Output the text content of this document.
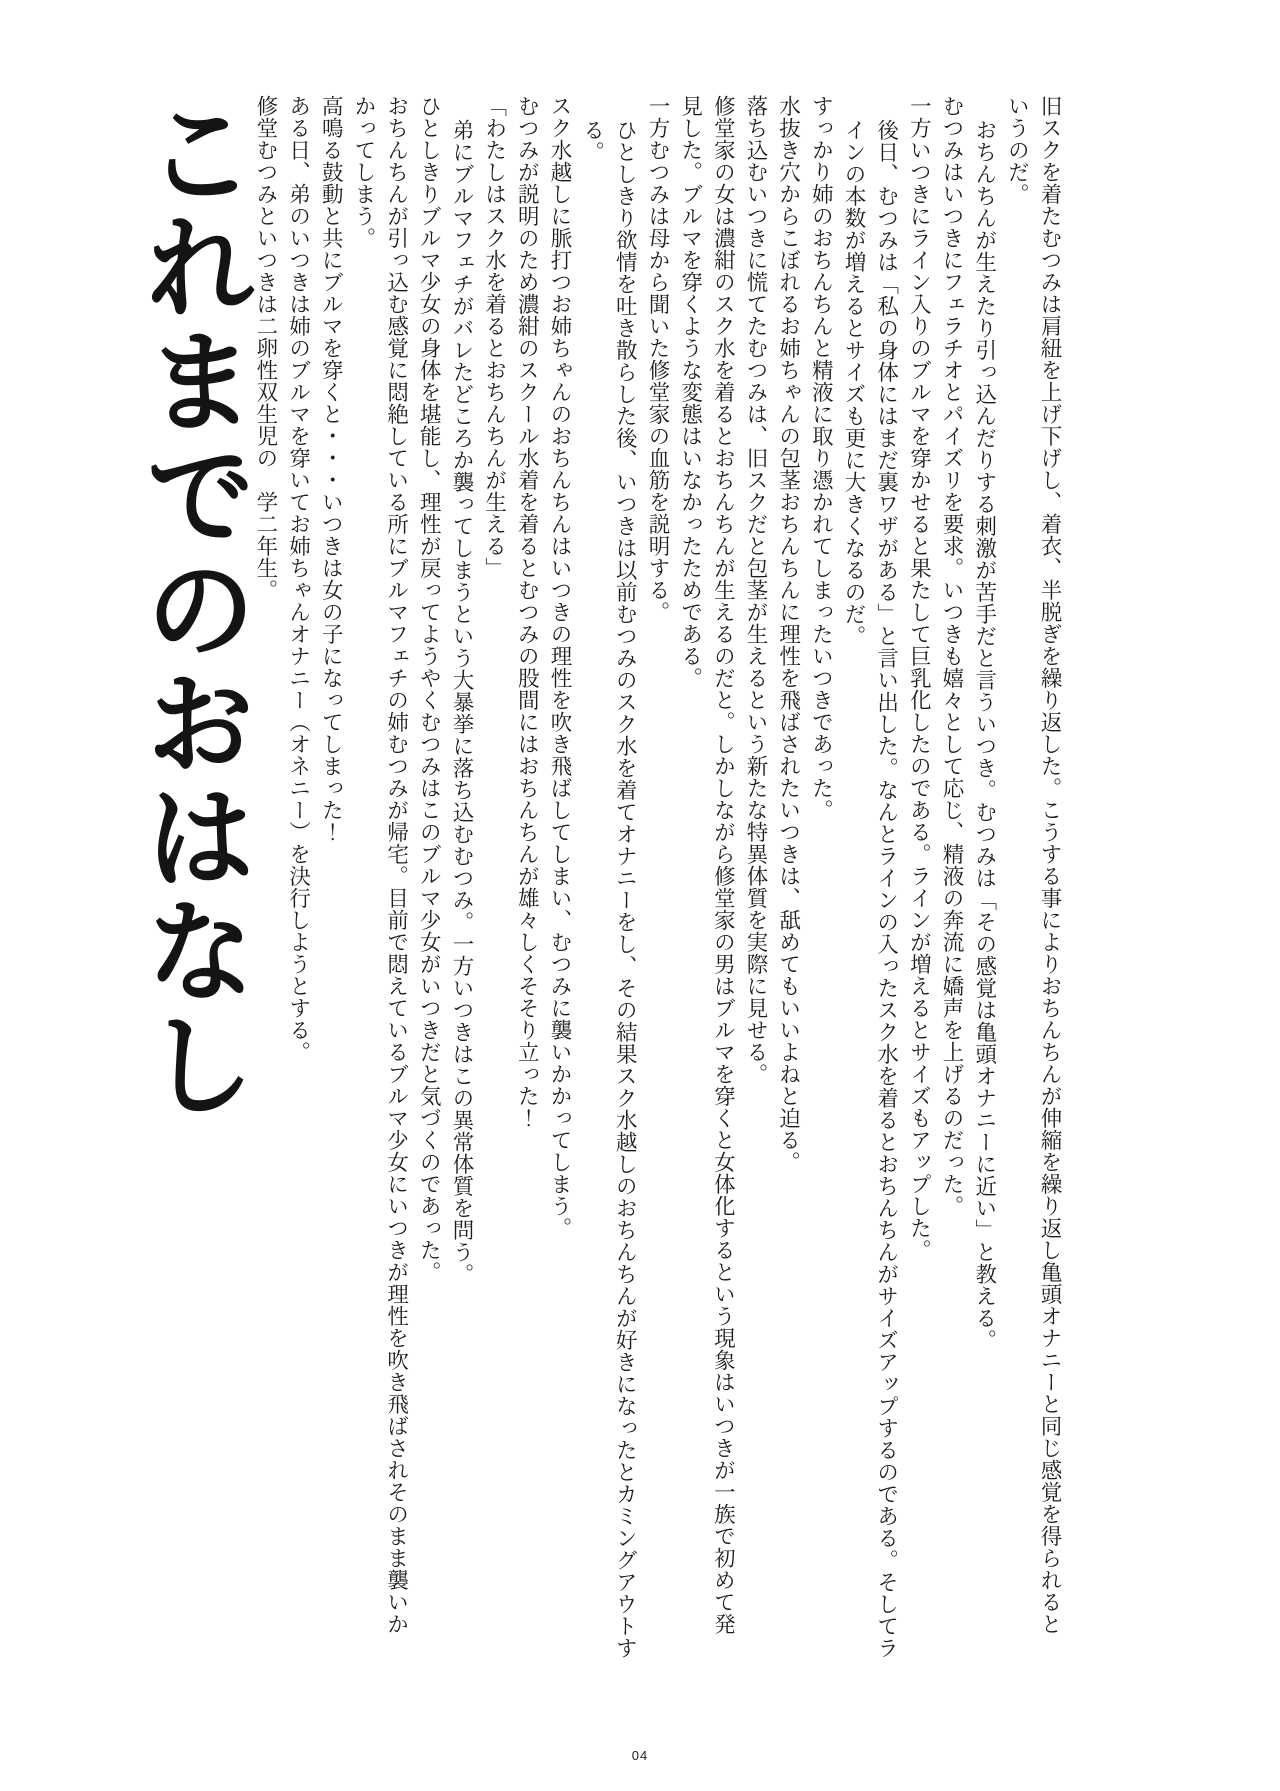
これまでのおはなし
修堂むつみといつきは二卵性双生児の　学二年生。 ある日、弟のいつきは姉のブルマを穿いてお姉ちゃんオナニー（オネニー）を決行しようとする。 高鳴る鼓動と共にブルマを穿くと・・・いつきは女の子になってしまった！	おちんちんが引っ込む感覚に悶絶している所にブルマフェチの姉むつみが帰宅。目前で悶えているブルマ少女にいつきが理性を吹き飛ばされそのまま襲いかかってしまう。	ひとしきりブルマ少女の身体を堪能し、理性が戻ってようやくむつみはこのブルマ少女がいつきだと気づくのであった。 弟にブルマフェチがバレたどころか襲ってしまうという大暴挙に落ち込むむつみ。一方いつきはこの異常体質を問う。 「わたしはスク水を着るとおちんちんが生える」 むつみが説明のため濃紺のスクール水着を着るとむつみの股間にはおちんちんが雄々しくそそり立った！ スク水越しに脈打つお姉ちゃんのおちんちんはいつきの理性を吹き飛ばしてしまい、むつみに襲いかかってしまう。	ひとしきり欲情を吐き散らした後、いつきは以前むつみのスク水を着てオナニーをし、その結果スク水越しのおちんちんが好きになったとカミングアウトする。	一方むつみは母から聞いた修堂家の血筋を説明する。	修堂家の女は濃紺のスク水を着るとおちんちんが生えるのだと。しかしながら修堂家の男はブルマを穿くと女体化するという現象はいつきが一族で初めて発見した。ブルマを穿くような変態はいなかったためである。	落ち込むいつきに慌てたむつみは、旧スクだと包茎が生えるという新たな特異体質を実際に見せる。 水抜き穴からこぼれるお姉ちゃんの包茎おちんちんに理性を飛ばされたいつきは、舐めてもいいよねと迫る。 すっかり姉のおちんちんと精液に取り憑かれてしまったいつきであった。	後日、むつみは「私の身体にはまだ裏ワザがある」と言い出した。なんとラインの入ったスク水を着るとおちんちんがサイズアップするのである。そしてラインの本数が増えるとサイズも更に大きくなるのだ。	一方いつきにライン入りのブルマを穿かせると果たして巨乳化したのである。ラインが増えるとサイズもアップした。 むつみはいつきにフェラチオとパイズリを要求。いつきも嬉々として応じ、精液の奔流に嬌声を上げるのだった。 おちんちんが生えたり引っ込んだりする刺激が苦手だと言ういつき。むつみは「その感覚は亀頭オナニーに近い」と教える。	旧スクを着たむつみは肩紐を上げ下げし、着衣、半脱ぎを繰り返した。こうする事によりおちんちんが伸縮を繰り返し亀頭オナニーと同じ感覚を得られるというのだ。
04
